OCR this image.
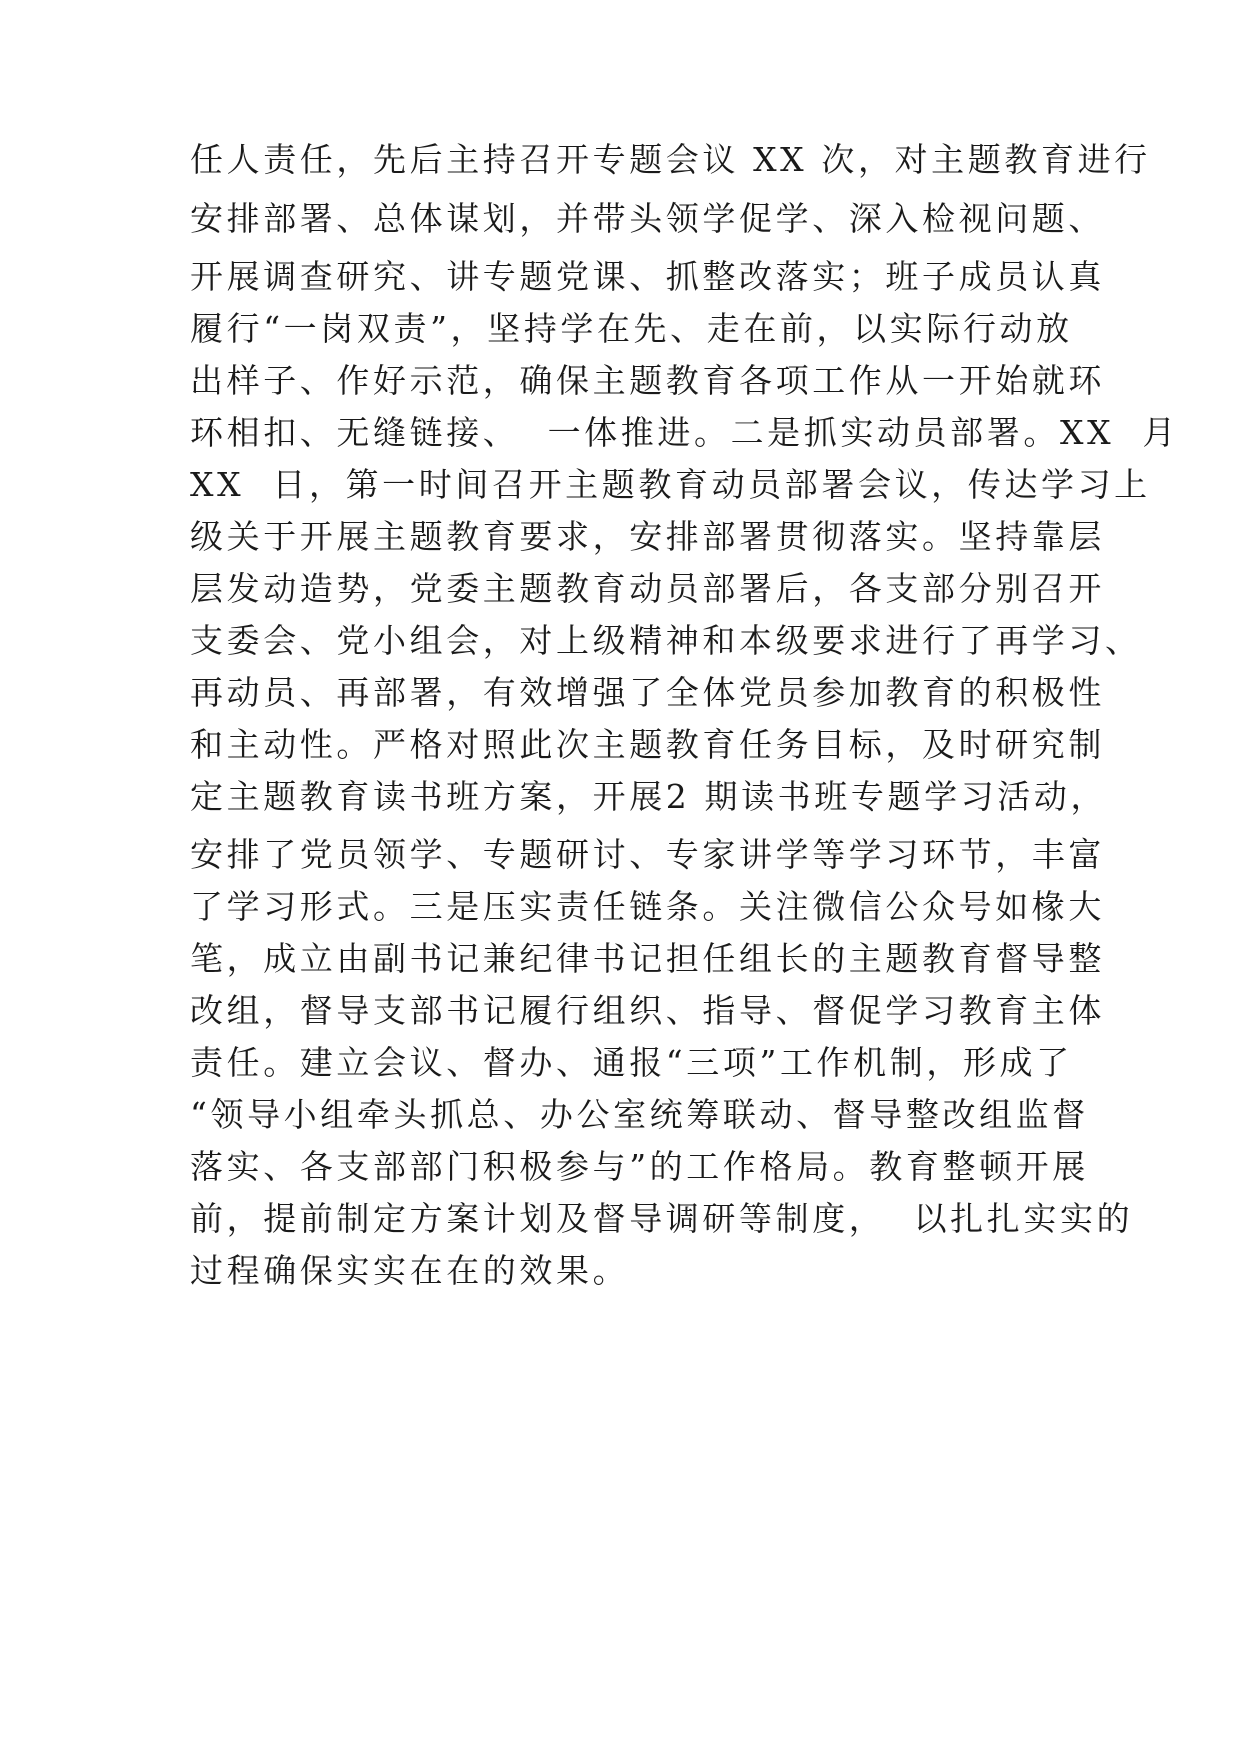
任人责任，先后主持召开专题会议 XX 次，对主题教育进行
安排部署、总体谋划，并带头领学促学、深入检视问题、
开展调查研究、讲专题党课、抓整改落实；班子成员认真
履行“一岗双责”，坚持学在先、走在前，以实际行动放
出样子、作好示范，确保主题教育各项工作从一开始就环
环相扣、无缝链接、  一体推进。二是抓实动员部署。XX  月
XX  日，第一时间召开主题教育动员部署会议，传达学习上
级关于开展主题教育要求，安排部署贯彻落实。坚持靠层
层发动造势，党委主题教育动员部署后，各支部分别召开
支委会、党小组会，对上级精神和本级要求进行了再学习、
再动员、再部署，有效增强了全体党员参加教育的积极性
和主动性。严格对照此次主题教育任务目标，及时研究制
定主题教育读书班方案，开展2 期读书班专题学习活动，
安排了党员领学、专题研讨、专家讲学等学习环节，丰富
了学习形式。三是压实责任链条。关注微信公众号如椽大
笔，成立由副书记兼纪律书记担任组长的主题教育督导整
改组，督导支部书记履行组织、指导、督促学习教育主体
责任。建立会议、督办、通报“三项”工作机制，形成了
“领导小组牵头抓总、办公室统筹联动、督导整改组监督
落实、各支部部门积极参与”的工作格局。教育整顿开展
前，提前制定方案计划及督导调研等制度，  以扎扎实实的
过程确保实实在在的效果。
